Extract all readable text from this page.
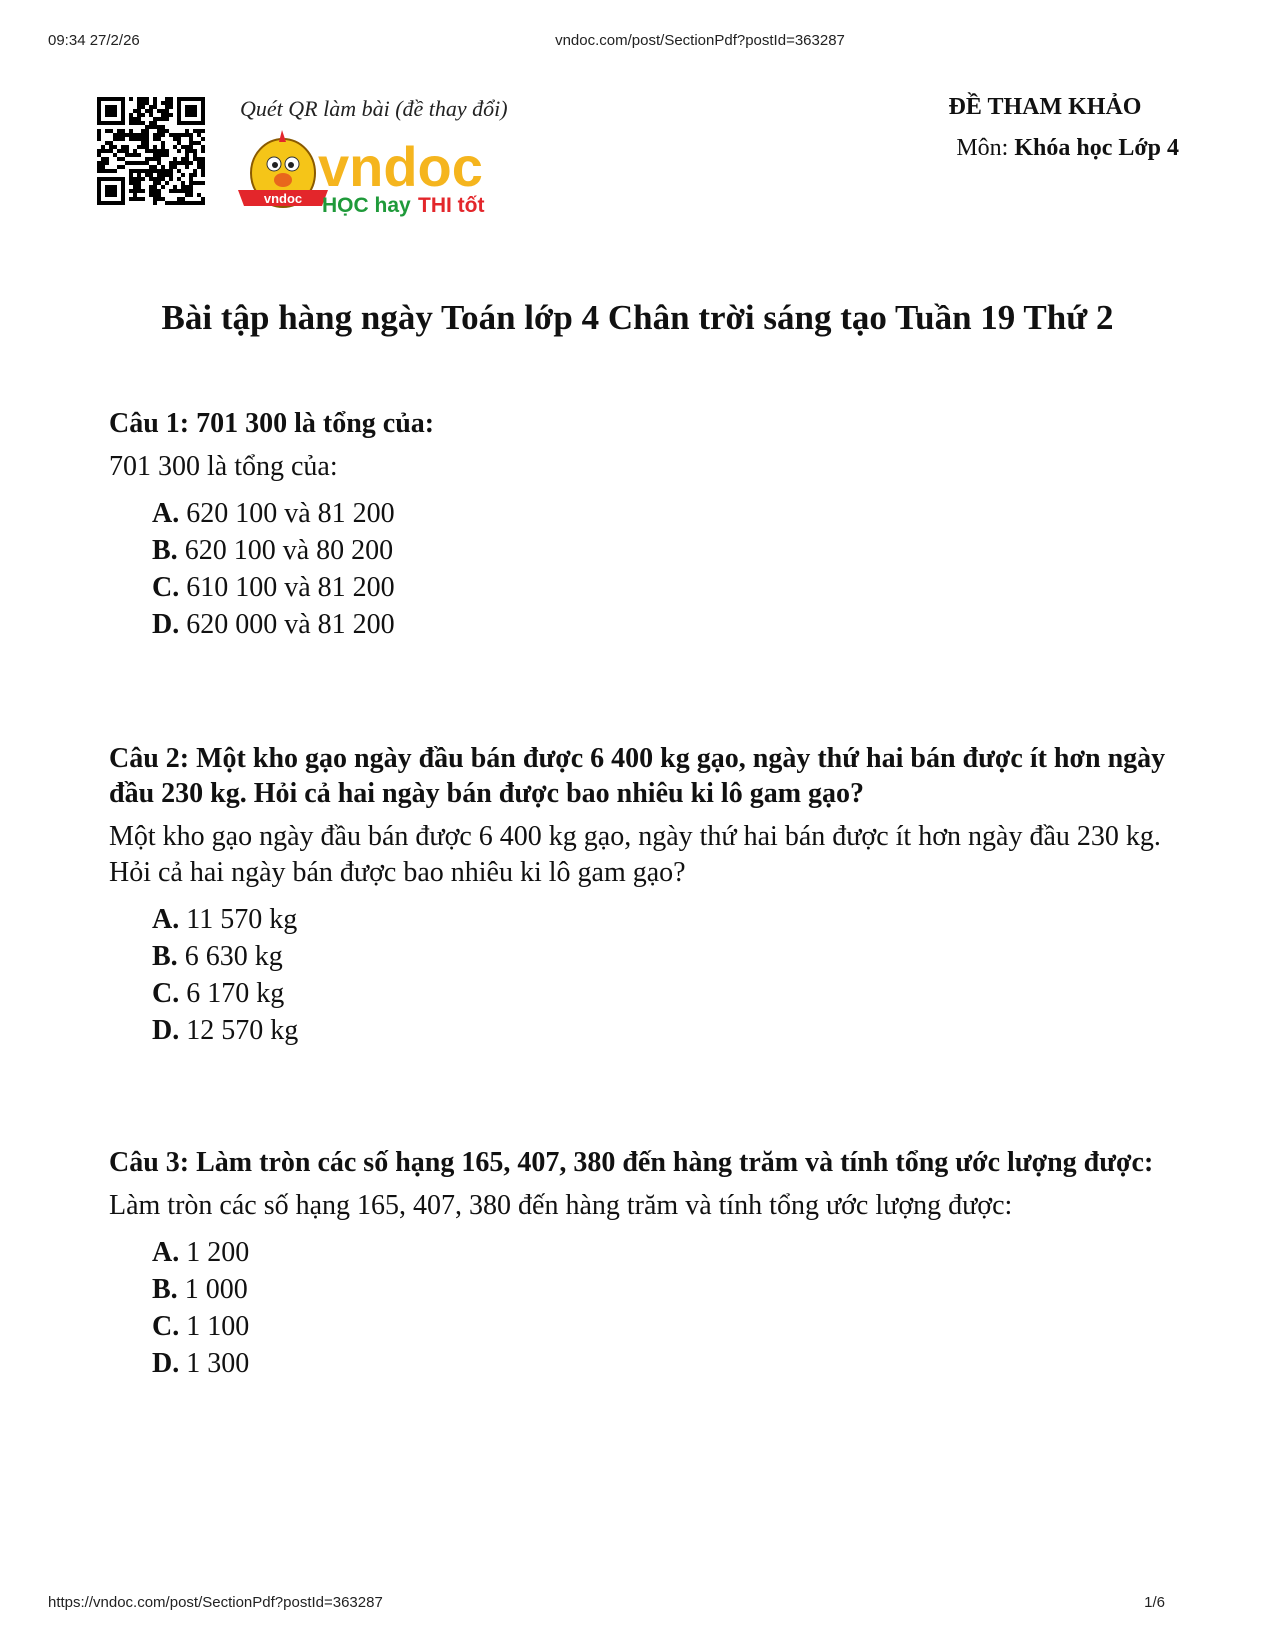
09:34 27/2/26	vndoc.com/post/SectionPdf?postId=363287
Quét QR làm bài (đề thay đổi)
vndoc
vndoc
HỌC hay THI tốt
ĐỀ THAM KHẢO
Môn: Khóa học Lớp 4
Bài tập hàng ngày Toán lớp 4 Chân trời sáng tạo Tuần 19 Thứ 2
Câu 1: 701 300 là tổng của:
701 300 là tổng của:
A. 620 100 và 81 200
B. 620 100 và 80 200
C. 610 100 và 81 200
D. 620 000 và 81 200
Câu 2: Một kho gạo ngày đầu bán được 6 400 kg gạo, ngày thứ hai bán được ít hơn ngày đầu 230 kg. Hỏi cả hai ngày bán được bao nhiêu ki lô gam gạo?
Một kho gạo ngày đầu bán được 6 400 kg gạo, ngày thứ hai bán được ít hơn ngày đầu 230 kg. Hỏi cả hai ngày bán được bao nhiêu ki lô gam gạo?
A. 11 570 kg
B. 6 630 kg
C. 6 170 kg
D. 12 570 kg
Câu 3: Làm tròn các số hạng 165, 407, 380 đến hàng trăm và tính tổng ước lượng được:
Làm tròn các số hạng 165, 407, 380 đến hàng trăm và tính tổng ước lượng được:
A. 1 200
B. 1 000
C. 1 100
D. 1 300
https://vndoc.com/post/SectionPdf?postId=363287	1/6
